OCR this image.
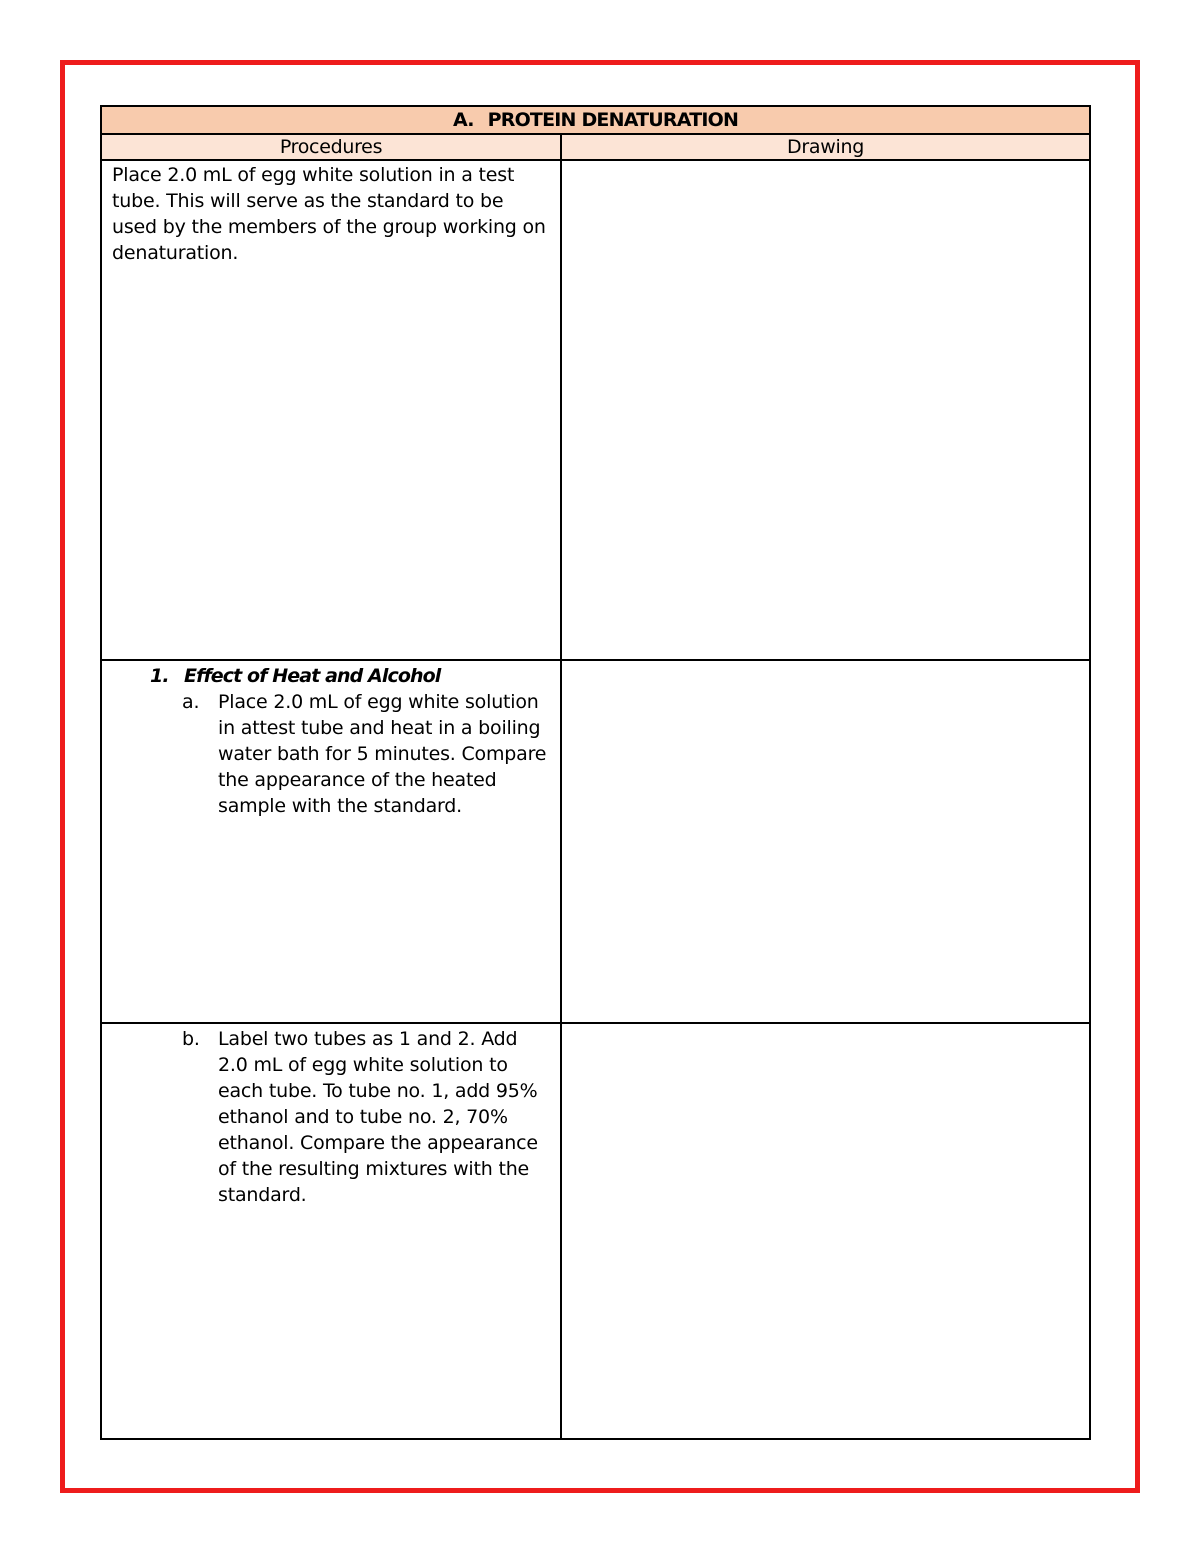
A. PROTEIN DENATURATION	
Procedures	Drawing

Place 2.0 mL of egg white solution in a test tube. This will serve as the standard to be used by the members of the group working on denaturation.	

1. Effect of Heat and Alcohol
a. Place 2.0 mL of egg white solution in attest tube and heat in a boiling water bath for 5 minutes. Compare the appearance of the heated sample with the standard.	

b. Label two tubes as 1 and 2. Add 2.0 mL of egg white solution to each tube. To tube no. 1, add 95% ethanol and to tube no. 2, 70% ethanol. Compare the appearance of the resulting mixtures with the standard.	
